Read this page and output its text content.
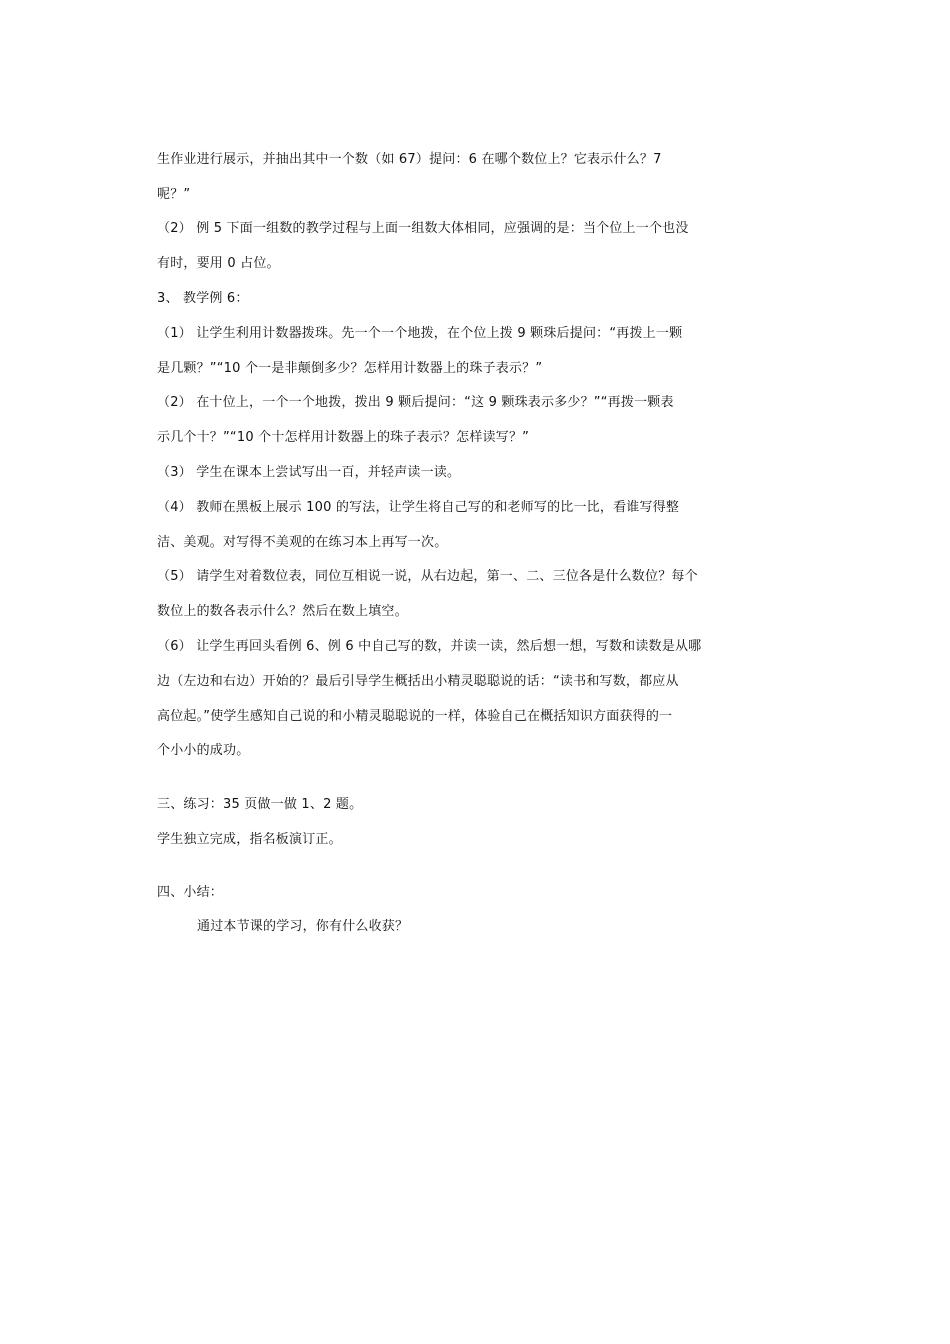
生作业进行展示，并抽出其中一个数（如 67）提问：6 在哪个数位上？它表示什么？7
呢？”
（2） 例 5 下面一组数的教学过程与上面一组数大体相同，应强调的是：当个位上一个也没
有时，要用 0 占位。
3、 教学例 6：
（1） 让学生利用计数器拨珠。先一个一个地拨，在个位上拨 9 颗珠后提问：“再拨上一颗
是几颗？”“10 个一是非颠倒多少？怎样用计数器上的珠子表示？”
（2） 在十位上，一个一个地拨，拨出 9 颗后提问：“这 9 颗珠表示多少？”“再拨一颗表
示几个十？”“10 个十怎样用计数器上的珠子表示？怎样读写？”
（3） 学生在课本上尝试写出一百，并轻声读一读。
（4） 教师在黑板上展示 100 的写法，让学生将自己写的和老师写的比一比，看谁写得整
洁、美观。对写得不美观的在练习本上再写一次。
（5） 请学生对着数位表，同位互相说一说，从右边起，第一、二、三位各是什么数位？每个
数位上的数各表示什么？然后在数上填空。
（6） 让学生再回头看例 6、例 6 中自己写的数，并读一读，然后想一想，写数和读数是从哪
边（左边和右边）开始的？最后引导学生概括出小精灵聪聪说的话：“读书和写数，都应从
高位起。”使学生感知自己说的和小精灵聪聪说的一样，体验自己在概括知识方面获得的一
个小小的成功。
三、练习：35 页做一做 1、2 题。
学生独立完成，指名板演订正。
四、小结：
通过本节课的学习，你有什么收获？
